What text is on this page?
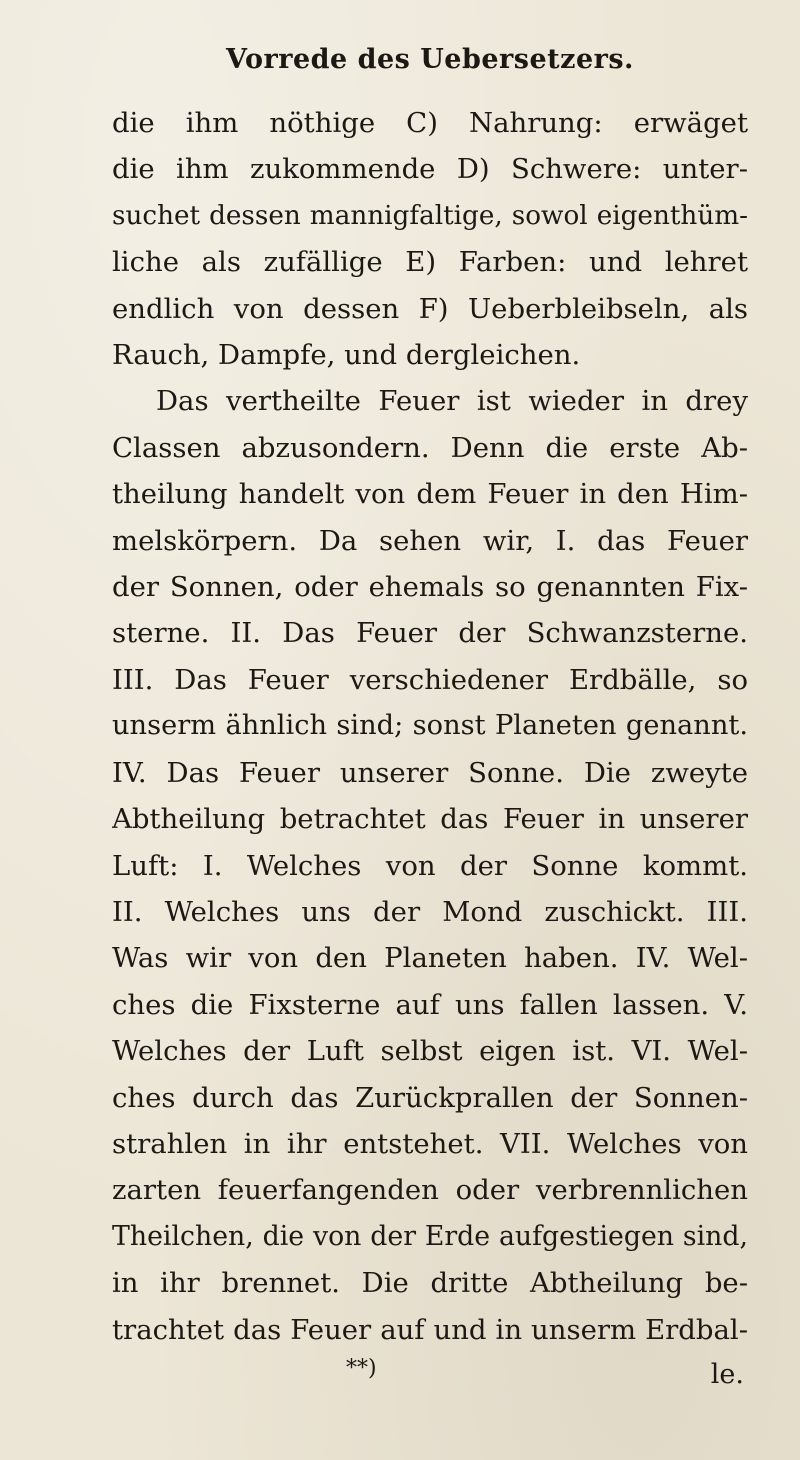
Vorrede des Uebersetzers.
die ihm nöthige C) Nahrung: erwäget
die ihm zukommende D) Schwere: unter-
suchet dessen mannigfaltige, sowol eigenthüm-
liche als zufällige E) Farben: und lehret
endlich von dessen F) Ueberbleibseln, als
Rauch, Dampfe, und dergleichen.
Das vertheilte Feuer ist wieder in drey
Classen abzusondern. Denn die erste Ab-
theilung handelt von dem Feuer in den Him-
melskörpern. Da sehen wir, I. das Feuer
der Sonnen, oder ehemals so genannten Fix-
sterne. II. Das Feuer der Schwanzsterne.
III. Das Feuer verschiedener Erdbälle, so
unserm ähnlich sind; sonst Planeten genannt.
IV. Das Feuer unserer Sonne. Die zweyte
Abtheilung betrachtet das Feuer in unserer
Luft: I. Welches von der Sonne kommt.
II. Welches uns der Mond zuschickt. III.
Was wir von den Planeten haben. IV. Wel-
ches die Fixsterne auf uns fallen lassen. V.
Welches der Luft selbst eigen ist. VI. Wel-
ches durch das Zurückprallen der Sonnen-
strahlen in ihr entstehet. VII. Welches von
zarten feuerfangenden oder verbrennlichen
Theilchen, die von der Erde aufgestiegen sind,
in ihr brennet. Die dritte Abtheilung be-
trachtet das Feuer auf und in unserm Erdbal-
**)	le.
